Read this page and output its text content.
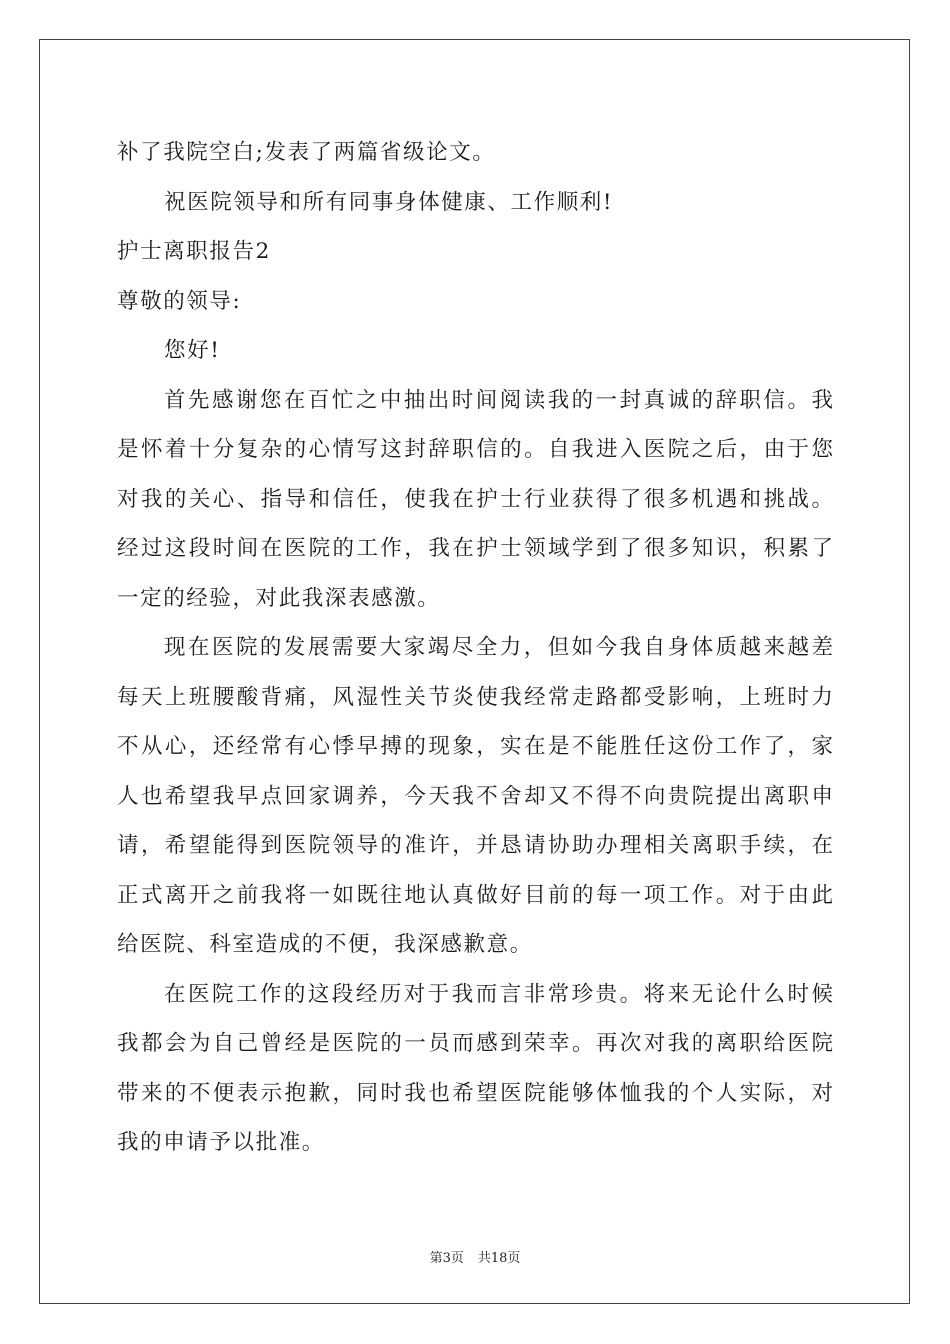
补了我院空白;发表了两篇省级论文。
祝医院领导和所有同事身体健康、工作顺利!
护士离职报告2
尊敬的领导:
您好!
首先感谢您在百忙之中抽出时间阅读我的一封真诚的辞职信。我
是怀着十分复杂的心情写这封辞职信的。自我进入医院之后，由于您
对我的关心、指导和信任，使我在护士行业获得了很多机遇和挑战。
经过这段时间在医院的工作，我在护士领域学到了很多知识，积累了
一定的经验，对此我深表感激。
现在医院的发展需要大家竭尽全力，但如今我自身体质越来越差
每天上班腰酸背痛，风湿性关节炎使我经常走路都受影响，上班时力
不从心，还经常有心悸早搏的现象，实在是不能胜任这份工作了，家
人也希望我早点回家调养，今天我不舍却又不得不向贵院提出离职申
请，希望能得到医院领导的准许，并恳请协助办理相关离职手续，在
正式离开之前我将一如既往地认真做好目前的每一项工作。对于由此
给医院、科室造成的不便，我深感歉意。
在医院工作的这段经历对于我而言非常珍贵。将来无论什么时候
我都会为自己曾经是医院的一员而感到荣幸。再次对我的离职给医院
带来的不便表示抱歉，同时我也希望医院能够体恤我的个人实际，对
我的申请予以批准。
第3页 共18页
